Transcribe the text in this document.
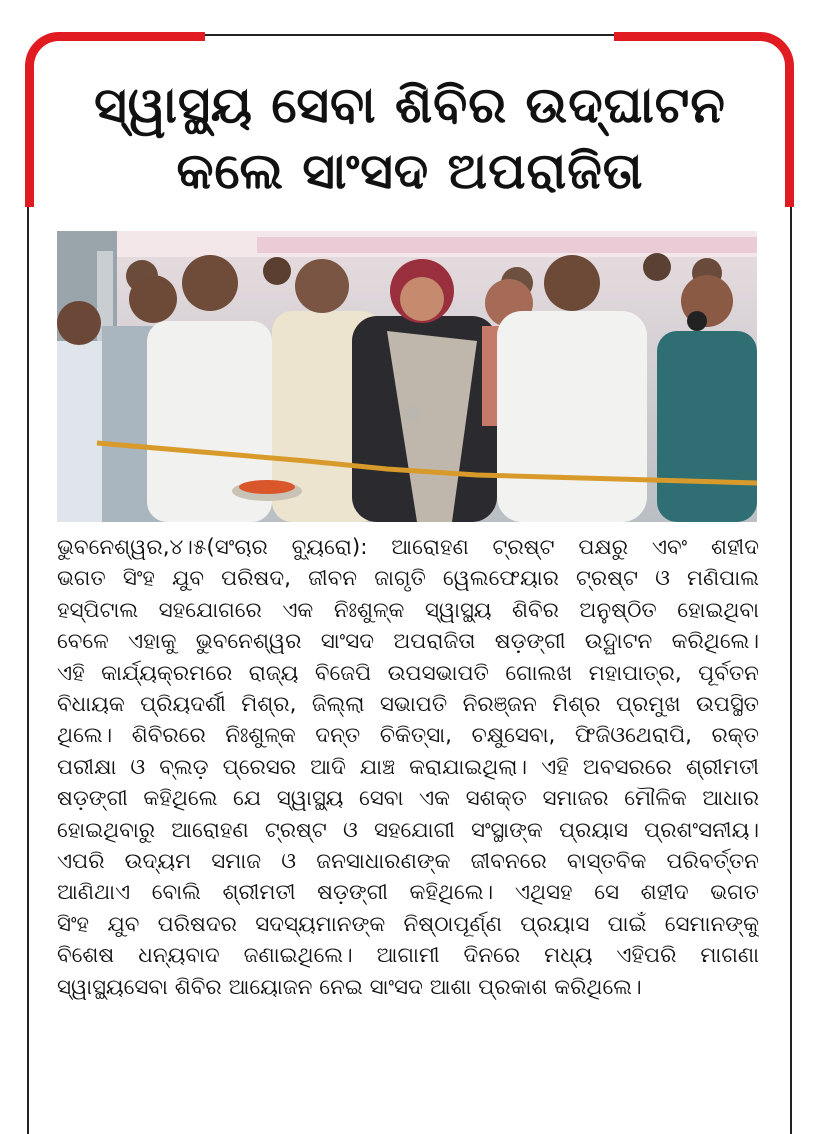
ସ୍ୱାସ୍ଥ୍ୟ ସେବା ଶିବିର ଉଦ୍‌ଘାଟନ
କଲେ ସାଂସଦ ଅପରାଜିତା
ଭୁବନେଶ୍ୱର,୪।୫(ସଂଚାର ବ୍ୟୁରୋ): ଆରୋହଣ ଟ୍ରଷ୍ଟ ପକ୍ଷରୁ ଏବଂ ଶହୀଦ
ଭଗତ ସିଂହ ଯୁବ ପରିଷଦ, ଜୀବନ ଜାଗୃତି ୱେଲଫେୟାର ଟ୍ରଷ୍ଟ ଓ ମଣିପାଲ
ହସ୍ପିଟାଲ ସହଯୋଗରେ ଏକ ନିଃଶୁଳ୍କ ସ୍ୱାସ୍ଥ୍ୟ ଶିବିର ଅନୁଷ୍ଠିତ ହୋଇଥିବା
ବେଳେ ଏହାକୁ ଭୁବନେଶ୍ୱର ସାଂସଦ ଅପରାଜିତା ଷଡ଼ଙ୍ଗୀ ଉଦ୍ଘାଟନ କରିଥିଲେ।
ଏହି କାର୍ଯ୍ୟକ୍ରମରେ ରାଜ୍ୟ ବିଜେପି ଉପସଭାପତି ଗୋଲଖ ମହାପାତ୍ର, ପୂର୍ବତନ
ବିଧାୟକ ପ୍ରିୟଦର୍ଶୀ ମିଶ୍ର, ଜିଲ୍ଲା ସଭାପତି ନିରଞ୍ଜନ ମିଶ୍ର ପ୍ରମୁଖ ଉପସ୍ଥିତ
ଥିଲେ। ଶିବିରରେ ନିଃଶୁଳ୍କ ଦନ୍ତ ଚିକିତ୍ସା, ଚକ୍ଷୁସେବା, ଫିଜିଓଥେରାପି, ରକ୍ତ
ପରୀକ୍ଷା ଓ ବ୍ଲଡ଼ ପ୍ରେସର ଆଦି ଯାଞ୍ଚ କରାଯାଇଥିଲା। ଏହି ଅବସରରେ ଶ୍ରୀମତୀ
ଷଡ଼ଙ୍ଗୀ କହିଥିଲେ ଯେ ସ୍ୱାସ୍ଥ୍ୟ ସେବା ଏକ ସଶକ୍ତ ସମାଜର ମୌଳିକ ଆଧାର
ହୋଇଥିବାରୁ ଆରୋହଣ ଟ୍ରଷ୍ଟ ଓ ସହଯୋଗୀ ସଂସ୍ଥାଙ୍କ ପ୍ରୟାସ ପ୍ରଶଂସନୀୟ।
ଏପରି ଉଦ୍ୟମ ସମାଜ ଓ ଜନସାଧାରଣଙ୍କ ଜୀବନରେ ବାସ୍ତବିକ ପରିବର୍ତ୍ତନ
ଆଣିଥାଏ ବୋଲି ଶ୍ରୀମତୀ ଷଡ଼ଙ୍ଗୀ କହିଥିଲେ। ଏଥିସହ ସେ ଶହୀଦ ଭଗତ
ସିଂହ ଯୁବ ପରିଷଦର ସଦସ୍ୟମାନଙ୍କ ନିଷ୍ଠାପୂର୍ଣ୍ଣ ପ୍ରୟାସ ପାଇଁ ସେମାନଙ୍କୁ
ବିଶେଷ ଧନ୍ୟବାଦ ଜଣାଇଥିଲେ। ଆଗାମୀ ଦିନରେ ମଧ୍ୟ ଏହିପରି ମାଗଣା
ସ୍ୱାସ୍ଥ୍ୟସେବା ଶିବିର ଆୟୋଜନ ନେଇ ସାଂସଦ ଆଶା ପ୍ରକାଶ କରିଥିଲେ।
